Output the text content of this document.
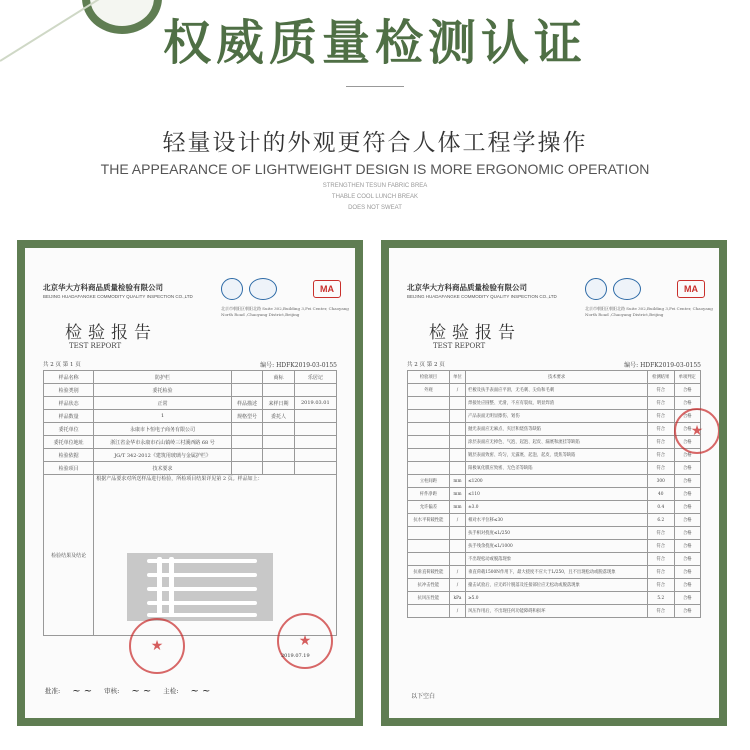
权威质量检测认证
轻量设计的外观更符合人体工程学操作
THE APPEARANCE OF LIGHTWEIGHT DESIGN IS MORE ERGONOMIC OPERATION
STRENGTHEN TESUN FABRIC BREA
THABLE COOL LUNCH BREAK
DOES NOT SWEAT
北京华大方科商品质量检验有限公司
BEIJING HUADAFANGKE COMMODITY QUALITY INSPECTION CO.,LTD
MA
北京市朝阳区朝阳北路 Suite 302,Building 3,Fei Center, Chaoyang North Road ,Chaoyang District,Beijing
检验报告
TEST REPORT
共 2 页 第 1 页	编号: HDFK2019-03-0155
样品名称	防护栏		商标	乐居记
检验类别	委托检验			
样品状态	正常	样品描述	来样日期	2019.03.01
样品数量	1	规格型号	委托人	
委托单位	永康市卜恒电子商务有限公司			
委托单位地址	浙江省金华市永康市石山镇岭三村溪西路 68 号			
检验依据	JG/T 342-2012《建筑用玻璃与金属护栏》			
检验项目	技术要求			
检验结果及结论	根据产品要求对所送样品进行检验，所检项目结果详见第 2 页。样品如上：			
★	★
2019.07.19
批准: ~ ~ 审核: ~ ~ 主检: ~ ~
北京华大方科商品质量检验有限公司
BEIJING HUADAFANGKE COMMODITY QUALITY INSPECTION CO.,LTD
MA
北京市朝阳区朝阳北路 Suite 302,Building 3,Fei Center, Chaoyang North Road ,Chaoyang District,Beijing
检验报告
TEST REPORT
共 2 页 第 2 页	编号: HDFK2019-03-0155
检验项目	单位	技术要求	检测结果	单项判定
外观	/	栏板及扶手表面应平滑，无毛刺、尖角和毛刺	符合	合格
		焊接处应圆整、光滑，不应有裂纹、明显焊渣	符合	合格
		产品表面无明显擦伤、划伤	符合	合格
		抛光表面应无麻点、夹层和烧焦等缺陷	符合	合格
		涂层表面应无掉色、气泡、起泡、起皮、漏底和流挂等缺陷	符合	合格
		镀层表面致密、均匀，无露底、起泡、起皮、烧焦等缺陷	符合	合格
		阳极氧化膜应致密、无色差等缺陷	符合	合格
立柱间距	mm	≤1200	300	合格
杆件净距	mm	≤110	40	合格
允许偏差	mm	±3.0	0.4	合格
抗水平荷载性能	/	相对水平位移≤30	6.2	合格
		扶手相对挠度≤L/250	符合	合格
		扶手残余挠度≤L/1000	符合	合格
		不出现松动或脱落现象	符合	合格
抗垂直荷载性能	/	垂直荷载1500N作用下，最大挠度不应大于L/250，且不出现松动或脱落现象	符合	合格
抗冲击性能	/	撞击试验后，应无碎片脱落及连接部位应无松动或脱落现象	符合	合格
抗风压性能	kPa	≥5.0	5.2	合格
	/	风压作用后，不出现任何功能障碍和损坏	符合	合格
★
以下空白
